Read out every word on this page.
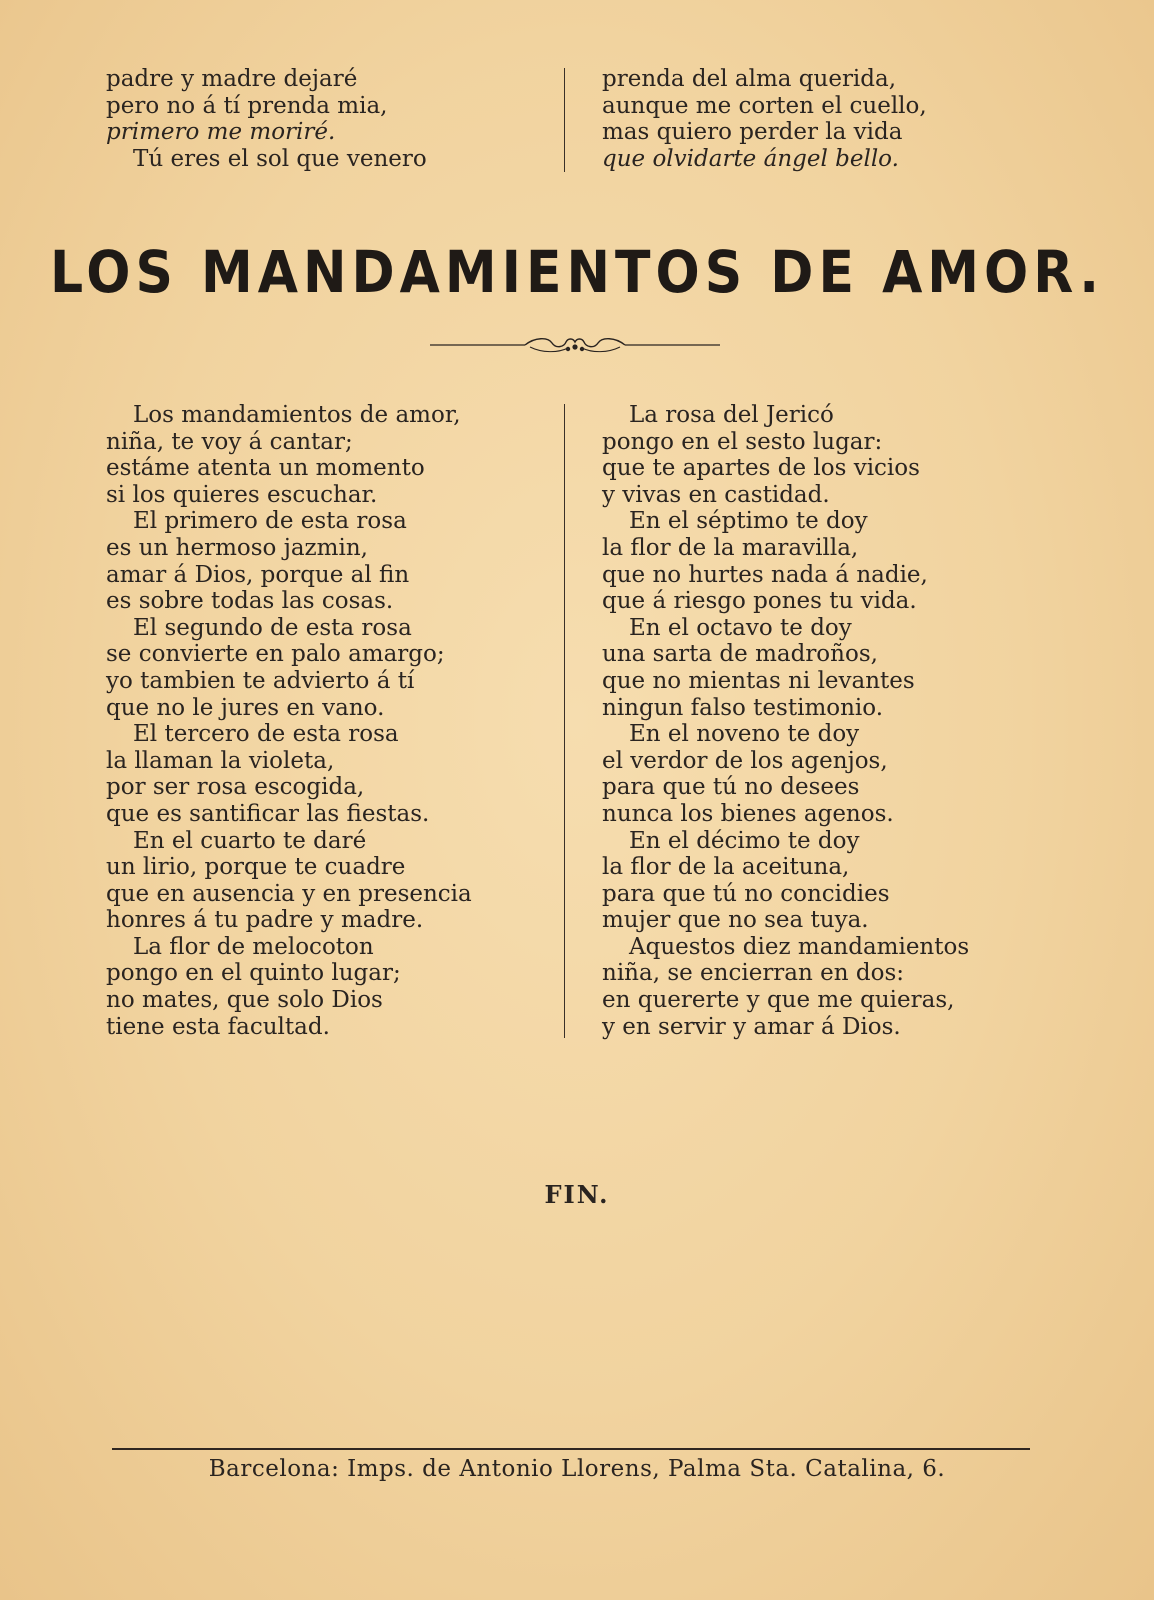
padre y madre dejaré
pero no á tí prenda mia,
primero me moriré.
Tú eres el sol que venero
prenda del alma querida,
aunque me corten el cuello,
mas quiero perder la vida
que olvidarte ángel bello.
LOS MANDAMIENTOS DE AMOR.
Los mandamientos de amor,
niña, te voy á cantar;
estáme atenta un momento
si los quieres escuchar.
El primero de esta rosa
es un hermoso jazmin,
amar á Dios, porque al fin
es sobre todas las cosas.
El segundo de esta rosa
se convierte en palo amargo;
yo tambien te advierto á tí
que no le jures en vano.
El tercero de esta rosa
la llaman la violeta,
por ser rosa escogida,
que es santificar las fiestas.
En el cuarto te daré
un lirio, porque te cuadre
que en ausencia y en presencia
honres á tu padre y madre.
La flor de melocoton
pongo en el quinto lugar;
no mates, que solo Dios
tiene esta facultad.
La rosa del Jericó
pongo en el sesto lugar:
que te apartes de los vicios
y vivas en castidad.
En el séptimo te doy
la flor de la maravilla,
que no hurtes nada á nadie,
que á riesgo pones tu vida.
En el octavo te doy
una sarta de madroños,
que no mientas ni levantes
ningun falso testimonio.
En el noveno te doy
el verdor de los agenjos,
para que tú no desees
nunca los bienes agenos.
En el décimo te doy
la flor de la aceituna,
para que tú no concidies
mujer que no sea tuya.
Aquestos diez mandamientos
niña, se encierran en dos:
en quererte y que me quieras,
y en servir y amar á Dios.
FIN.
Barcelona: Imps. de Antonio Llorens, Palma Sta. Catalina, 6.
